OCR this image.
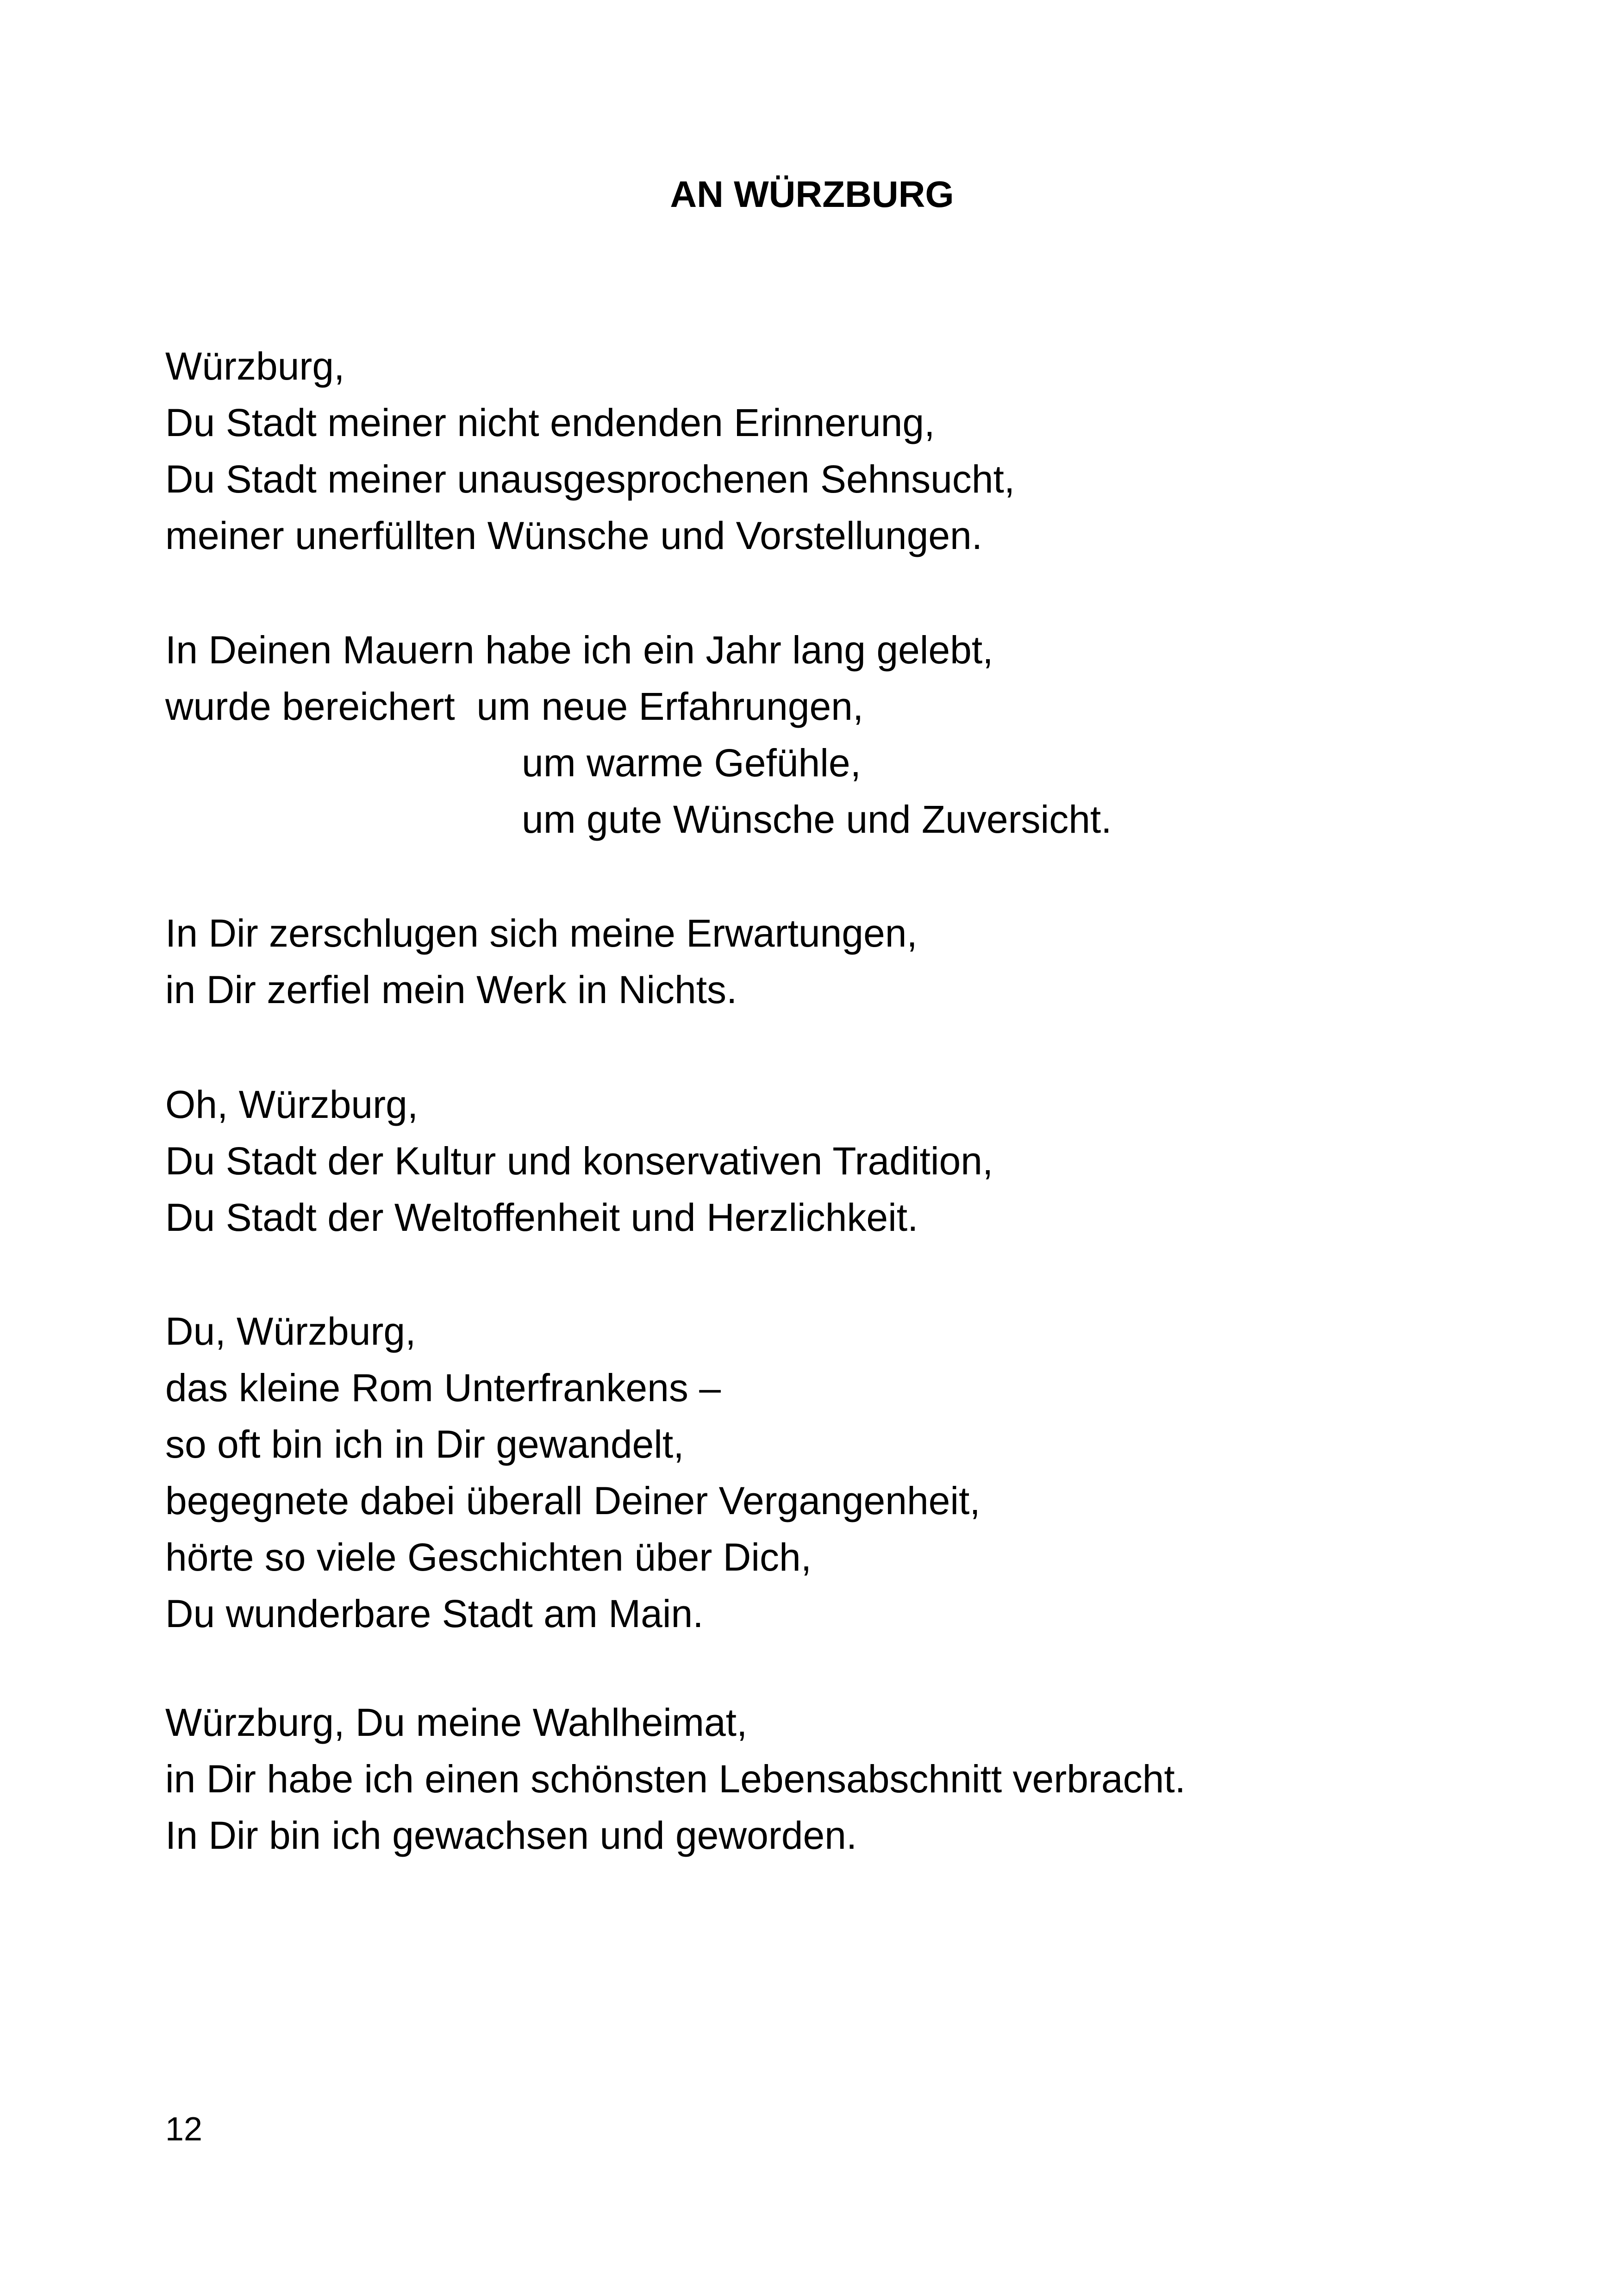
AN WÜRZBURG
Würzburg,
Du Stadt meiner nicht endenden Erinnerung,
Du Stadt meiner unausgesprochenen Sehnsucht,
meiner unerfüllten Wünsche und Vorstellungen.
In Deinen Mauern habe ich ein Jahr lang gelebt,
wurde bereichert  um neue Erfahrungen,
um warme Gefühle,
um gute Wünsche und Zuversicht.
In Dir zerschlugen sich meine Erwartungen,
in Dir zerfiel mein Werk in Nichts.
Oh, Würzburg,
Du Stadt der Kultur und konservativen Tradition,
Du Stadt der Weltoffenheit und Herzlichkeit.
Du, Würzburg,
das kleine Rom Unterfrankens –
so oft bin ich in Dir gewandelt,
begegnete dabei überall Deiner Vergangenheit,
hörte so viele Geschichten über Dich,
Du wunderbare Stadt am Main.
Würzburg, Du meine Wahlheimat,
in Dir habe ich einen schönsten Lebensabschnitt verbracht.
In Dir bin ich gewachsen und geworden.

12
